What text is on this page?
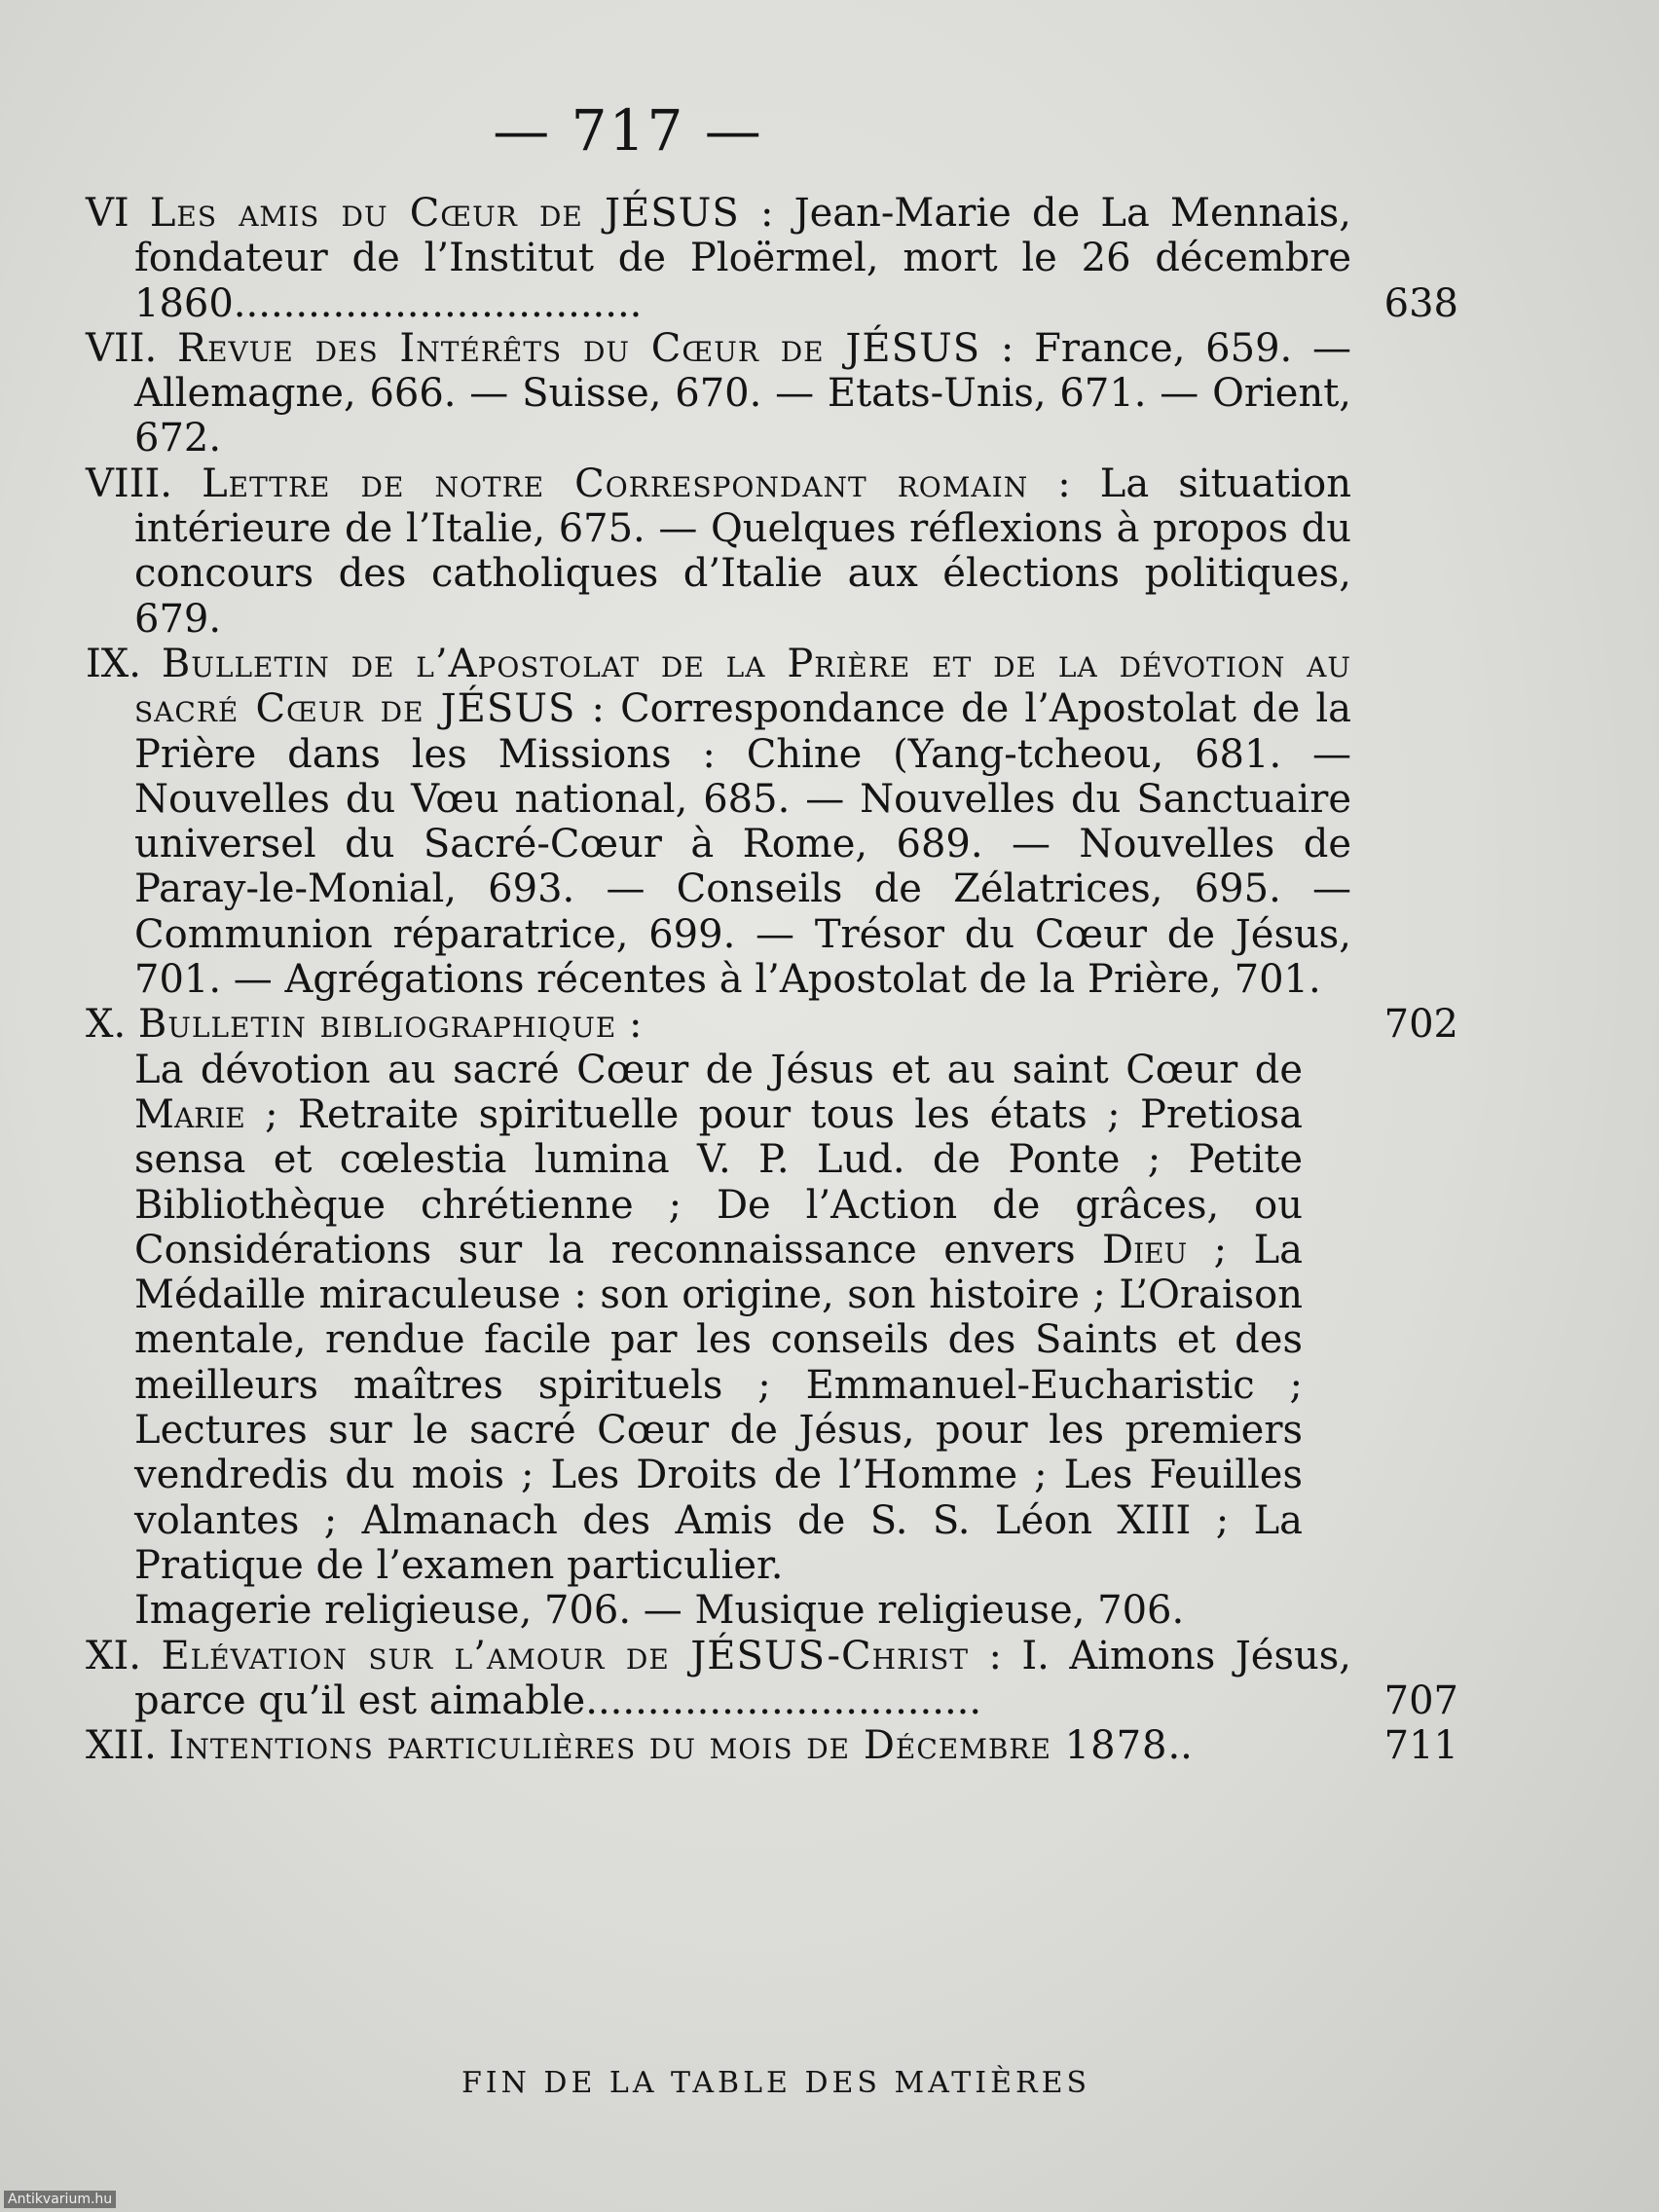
— 717 —
VI Les amis du Cœur de JÉSUS : Jean-Marie de La Mennais, fondateur de l’Institut de Ploërmel, mort le 26 décembre 1860.................................	638
VII. Revue des Intérêts du Cœur de JÉSUS : France, 659. — Allemagne, 666. — Suisse, 670. — Etats-Unis, 671. — Orient, 672.
VIII. Lettre de notre Correspondant romain : La situation intérieure de l’Italie, 675. — Quelques réflexions à propos du concours des catholiques d’Italie aux élections politiques, 679.
IX. Bulletin de l’Apostolat de la Prière et de la dévotion au sacré Cœur de JÉSUS : Correspondance de l’Apostolat de la Prière dans les Missions : Chine (Yang-tcheou, 681. — Nouvelles du Vœu national, 685. — Nouvelles du Sanctuaire universel du Sacré-Cœur à Rome, 689. — Nouvelles de Paray-le-Monial, 693. — Conseils de Zélatrices, 695. — Communion réparatrice, 699. — Trésor du Cœur de Jésus, 701. — Agrégations récentes à l’Apostolat de la Prière, 701.
X. Bulletin bibliographique :	702
La dévotion au sacré Cœur de Jésus et au saint Cœur de Marie ; Retraite spirituelle pour tous les états ; Pretiosa sensa et cœlestia lumina V. P. Lud. de Ponte ; Petite Bibliothèque chrétienne ; De l’Action de grâces, ou Considérations sur la reconnaissance envers Dieu ; La Médaille miraculeuse : son origine, son histoire ; L’Oraison mentale, rendue facile par les conseils des Saints et des meilleurs maîtres spirituels ; Emmanuel-Eucharistic ; Lectures sur le sacré Cœur de Jésus, pour les premiers vendredis du mois ; Les Droits de l’Homme ; Les Feuilles volantes ; Almanach des Amis de S. S. Léon XIII ; La Pratique de l’examen particulier.
Imagerie religieuse, 706. — Musique religieuse, 706.
XI. Elévation sur l’amour de JÉSUS-Christ : I. Aimons Jésus, parce qu’il est aimable................................	707
XII. Intentions particulières du mois de Décembre 1878..	711
FIN DE LA TABLE DES MATIÈRES
Antikvarium.hu
